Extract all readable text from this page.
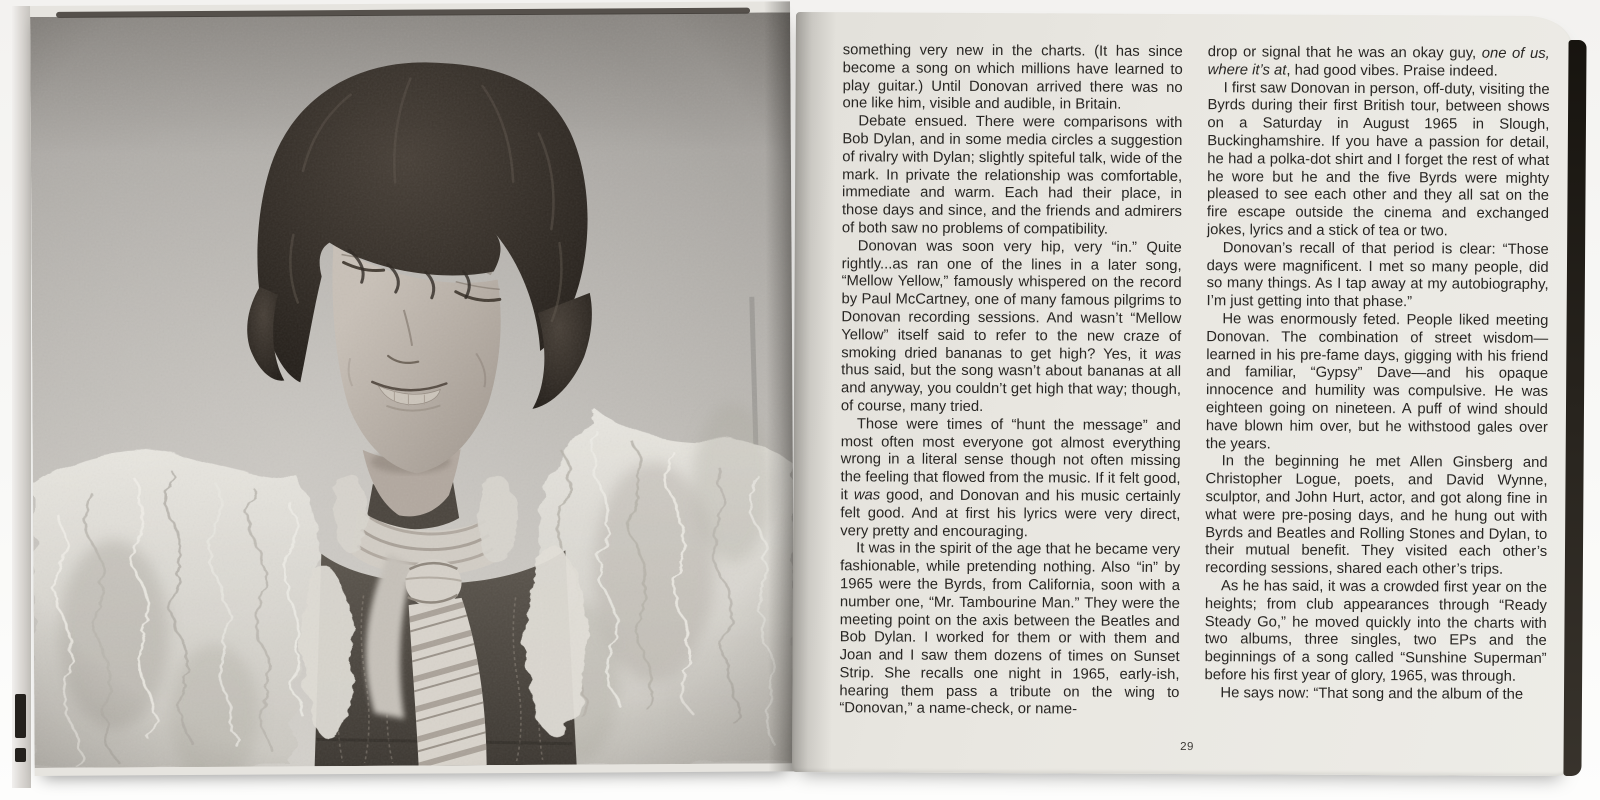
something very new in the charts. (It has since become a song on which millions have learned to play guitar.) Until Donovan arrived there was no one like him, visible and audible, in Britain.

Debate ensued. There were comparisons with Bob Dylan, and in some media circles a suggestion of rivalry with Dylan; slightly spiteful talk, wide of the mark. In private the relationship was comfortable, immediate and warm. Each had their place, in those days and since, and the friends and admirers of both saw no problems of compatibility.

Donovan was soon very hip, very “in.” Quite rightly...as ran one of the lines in a later song, “Mellow Yellow,” famously whispered on the record by Paul McCartney, one of many famous pilgrims to Donovan recording sessions. And wasn’t “Mellow Yellow” itself said to refer to the new craze of smoking dried bananas to get high? Yes, it was thus said, but the song wasn’t about bananas at all and anyway, you couldn’t get high that way; though, of course, many tried.

Those were times of “hunt the message” and most often most everyone got almost everything wrong in a literal sense though not often missing the feeling that flowed from the music. If it felt good, it was good, and Donovan and his music certainly felt good. And at first his lyrics were very direct, very pretty and encouraging.

It was in the spirit of the age that he became very fashionable, while pretending nothing. Also “in” by 1965 were the Byrds, from California, soon with a number one, “Mr. Tambourine Man.” They were the meeting point on the axis between the Beatles and Bob Dylan. I worked for them or with them and Joan and I saw them dozens of times on Sunset Strip. She recalls one night in 1965, early-ish, hearing them pass a tribute on the wing to “Donovan,” a name-check, or name-

drop or signal that he was an okay guy, one of us, where it’s at, had good vibes. Praise indeed.

I first saw Donovan in person, off-duty, visiting the Byrds during their first British tour, between shows on a Saturday in August 1965 in Slough, Buckinghamshire. If you have a passion for detail, he had a polka-dot shirt and I forget the rest of what he wore but he and the five Byrds were mighty pleased to see each other and they all sat on the fire escape outside the cinema and exchanged jokes, lyrics and a stick of tea or two.

Donovan’s recall of that period is clear: “Those days were magnificent. I met so many people, did so many things. As I tap away at my autobiography, I’m just getting into that phase.”

He was enormously feted. People liked meeting Donovan. The combination of street wisdom—learned in his pre-fame days, gigging with his friend and familiar, “Gypsy” Dave—and his opaque innocence and humility was compulsive. He was eighteen going on nineteen. A puff of wind should have blown him over, but he withstood gales over the years.

In the beginning he met Allen Ginsberg and Christopher Logue, poets, and David Wynne, sculptor, and John Hurt, actor, and got along fine in what were pre-posing days, and he hung out with Byrds and Beatles and Rolling Stones and Dylan, to their mutual benefit. They visited each other’s recording sessions, shared each other’s trips.

As he has said, it was a crowded first year on the heights; from club appearances through “Ready Steady Go,” he moved quickly into the charts with two albums, three singles, two EPs and the beginnings of a song called “Sunshine Superman” before his first year of glory, 1965, was through.

He says now: “That song and the album of the

29
